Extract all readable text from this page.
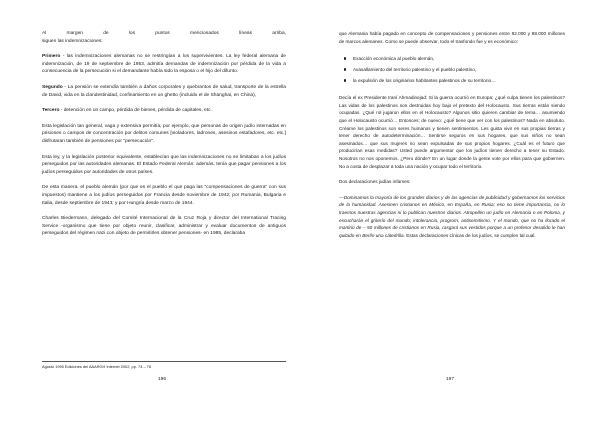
Al margen de los puntos mencionados líneas arriba,

siguen las indemnizaciones:

Primero - las indemnizaciones alemanas no se restringían a los supervivientes. La ley federal alemana de indemnización, de 19 de septiembre de 1953, admitía demandas de indemnización por pérdida de la vida a consecuencia de la persecución si el demandante había sido la esposa o el hijo del difunto.

Segundo - La pensión se extendía también a daños corporales y quebrantos de salud, transporte de la estrella de David, vida en la clandestinidad, confinamiento en un ghetto (incluido el de Shanghai, en China),

Tercero - detención en un campo, pérdida de bienes, pérdida de capitales, etc.

Esta legislación tan general, vaga y extensiva permitía, por ejemplo, que personas de origen judío internadas en prisiones o campos de concentración por delitos comunes [violadores, ladrones, asesinos estafadores, etc. etc.] disfrutaran también de pensiones por "persecución".

Esta ley, y la legislación posterior equivalente, establecían que las indemnizaciones no se limitaban a los judíos perseguidos por las autoridades alemanas. El Estado Federal Alemán: además, tenía que pagar pensiones a los judíos perseguidos por autoridades de otros países.

De esta manera, el pueblo alemán (por que es el pueblo el que paga las "compensaciones de guerra" con sus impuestos) mantiene a los judíos perseguidos por Francia desde noviembre de 1942; por Rumania, Bulgaria e Italia, desde septiembre de 1943; y por Hungría desde marzo de 1944.

Charles Biedermann, delegado del Comité Internacional de la Cruz Roja y director del International Tracing Service -organismo que tiene por objeto reunir, clasificar, administrar y evaluar documentos de antiguos perseguidos del régimen nazi con objeto de permitirles obtener pensiones- en 1985, declaraba

Agosto 1995 Ediciones del AAARGH Internet 2002, pp. 74 – 76
196

que Alemania había pagado en concepto de compensaciones y pensiones entre 82.000 y 88.000 millones de marcos alemanes. Como se puede observar, todo el trasfondo fue y es económico:

Exacción económica al pueblo alemán,
Avasallamiento del territorio palestino y el pueblo palestino,
la expulsión de los originarios habitantes palestinos de su territorio…

Decía el ex Presidente Iraní Ahmadinejad: Si la guerra ocurrió en Europa; ¿qué culpa tienen los palestinos? Las vidas de los palestinos son destruidas hoy bajo el pretexto del Holocausto. Sus tierras están siendo ocupadas. ¿Qué rol jugaron ellos en el Holocausto? Algunos sitio quieren cambiar de tema… asumiendo que el Holocausto ocurrió… Entonces; de nuevo: ¿qué tiene que ver con los palestinos? Nada en absoluto. Créame los palestinos son seres humanos y tienen sentimientos. Les gusta vivir en sus propias tierras y tener derecho de autodeterminación… Sentirse seguros en sus hogares, que sus niños no sean asesinados… que sus mujeres no sean expulsadas de sus propios hogares. ¿Cuál es el futuro que producirían esas medidas? Usted puede argumentar que los judíos tienen derecho a tener su Estado. Nosotros no nos oponemos. ¿Pero dónde? En un lugar donde la gente vote por ellos para que gobiernen. No a costa de desplazar a toda una nación y ocupar todo el territorio.

Dos declaraciones judías infames:

—Dominamos la mayoría de los grandes diarios y de las agencias de publicidad y gobernamos los servicios de la humanidad. Asesinen cristianos en México, en España, en Rusia; eso no tiene importancia, no lo traemos nuestras agencias ni lo publican nuestros diarios. Atropellen un judío en Alemania o en Polonia, y escucharán el griterío del mundo; intolerancia, progrom, antisemitismo. Y el mundo, que no ha llorado el martirio de – 50 millones de cristianos en Rusia, rasgará sus vestidos porque a un profesor desalido le han quitado en Berlín una cátedrilla. Estas declaraciones cínicas de los judíos, se cumplen tal cual.

197
